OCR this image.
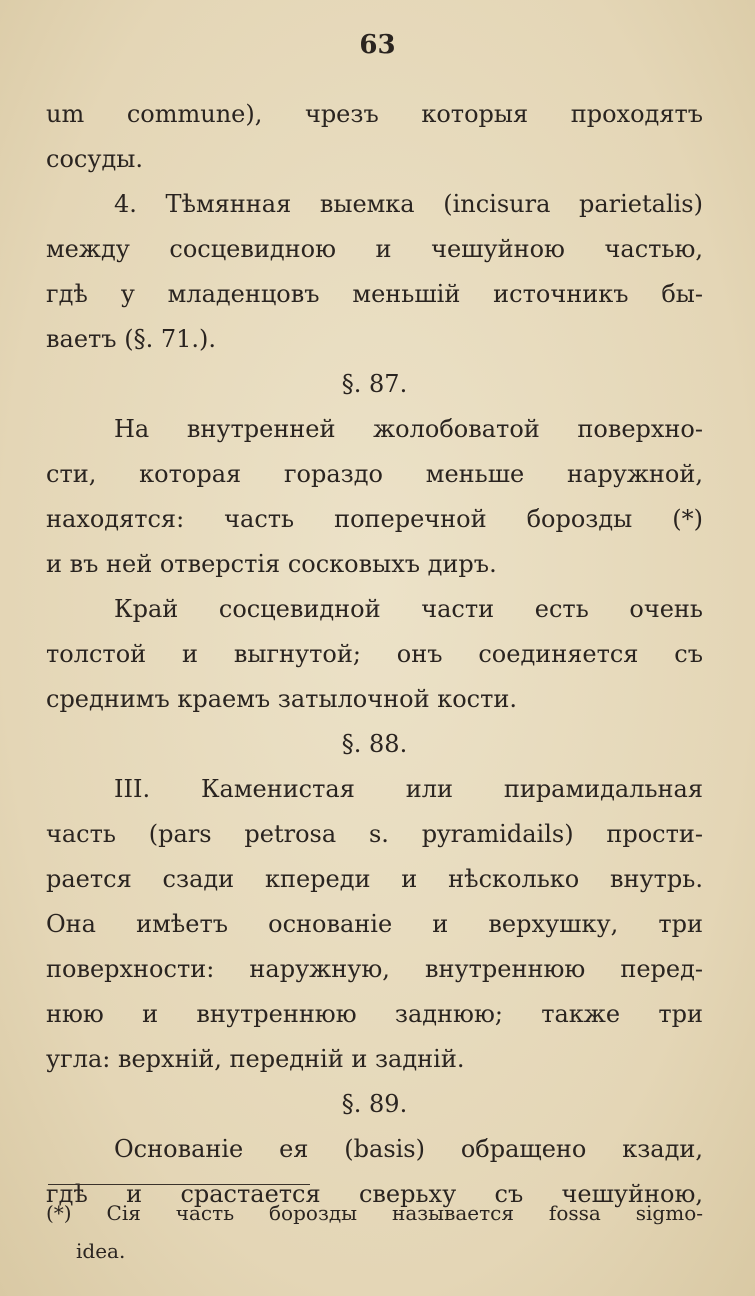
63
um commune), чрезъ которыя проходятъ
сосуды.
4. Тѣмянная выемка (incisura parietalis)
между сосцевидною и чешуйною частью,
гдѣ у младенцовъ меньшій источникъ бы-
ваетъ (§. 71.).
§. 87.
На внутренней жолобоватой поверхно-
сти, которая гораздо меньше наружной,
находятся: часть поперечной борозды (*)
и въ ней отверстія сосковыхъ диръ.
Край сосцевидной части есть очень
толстой и выгнутой; онъ соединяется съ
среднимъ краемъ затылочной кости.
§. 88.
III. Каменистая или пирамидальная
часть (pars petrosa s. pyramidails) прости-
рается сзади кпереди и нѣсколько внутрь.
Она имѣетъ основаніе и верхушку, три
поверхности: наружную, внутреннюю перед-
нюю и внутреннюю заднюю; также три
угла: верхній, передній и задній.
§. 89.
Основаніе ея (basis) обращено кзади,
гдѣ и срастается сверьху съ чешуйною,
(*) Сія часть борозды называется fossa sigmo-
idea.
